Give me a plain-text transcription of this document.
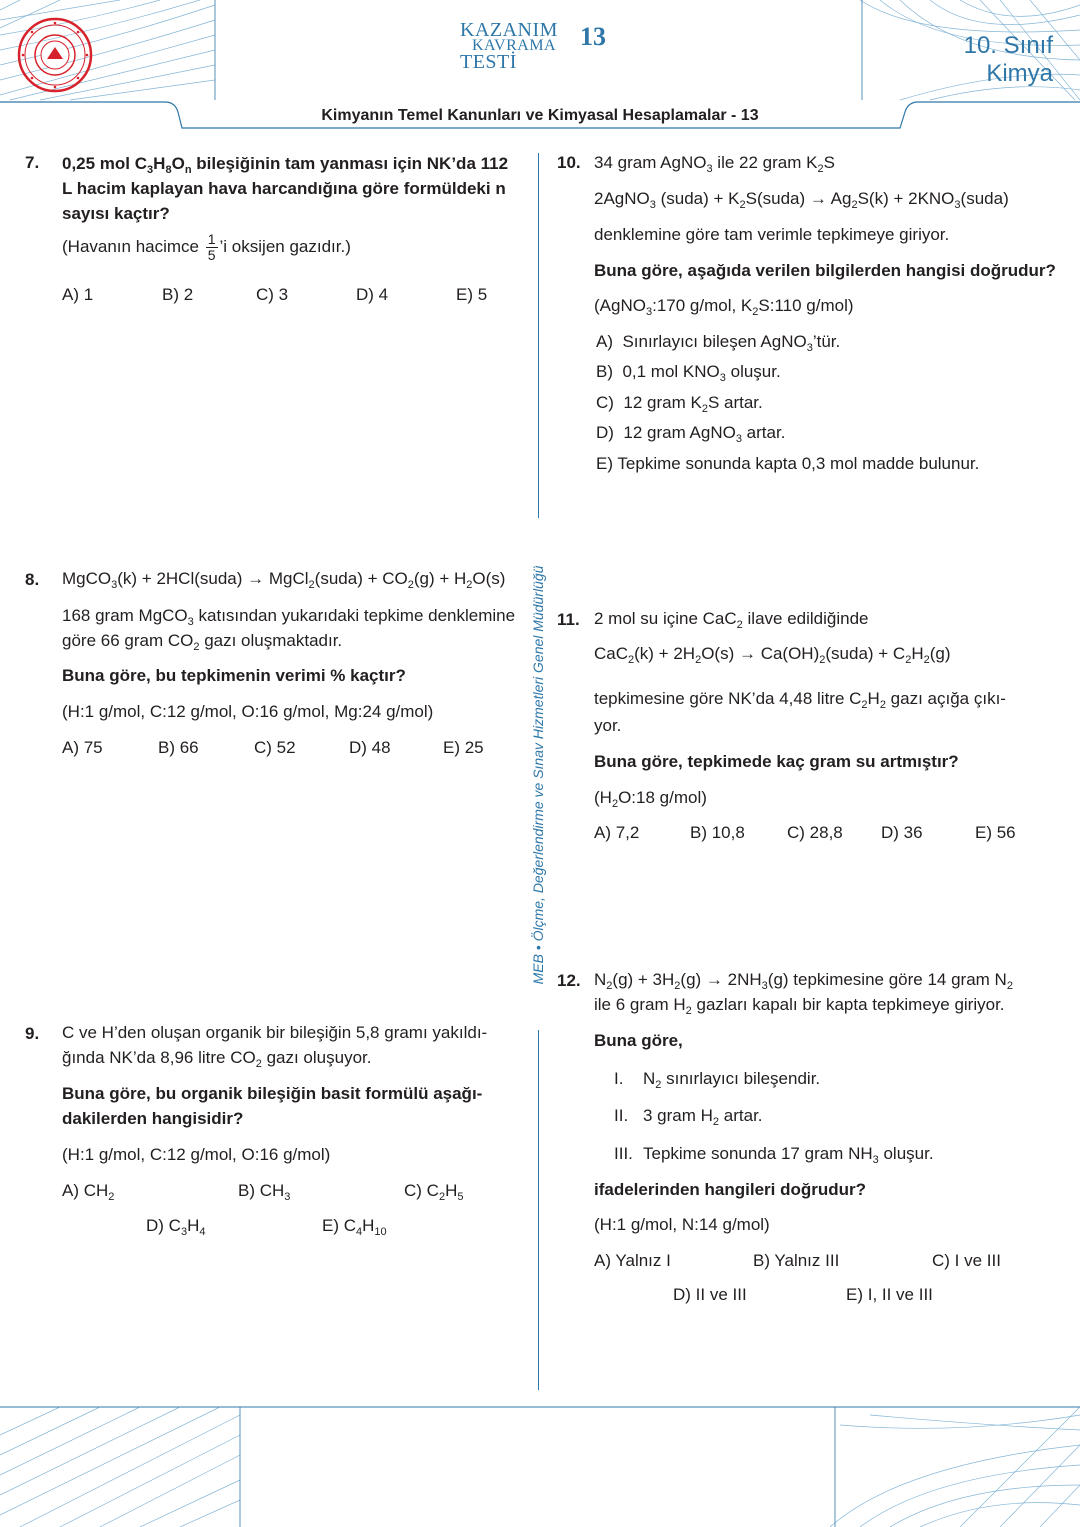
KAZANIM
KAVRAMA
TESTİ
13	10. Sınıf
Kimya
Kimyanın Temel Kanunları ve Kimyasal Hesaplamalar - 13
MEB • Ölçme, Değerlendirme ve Sınav Hizmetleri Genel Müdürlüğü
7. 0,25 mol $C_3H_8O_n$ bileşiğinin tam yanması için NK’da 112 L hacim kaplayan hava harcandığına göre formüldeki n sayısı kaçtır?
(Havanın hacimce $\frac{1}{5}$ ’i oksijen gazıdır.)
A) 1	B) 2	C) 3	D) 4	E) 5
8. MgCO$_3$(k) + 2HCl(suda) → MgCl$_2$(suda) + $CO_2(g) + H_2O(s)$
168 gram MgCO$_3$ katısından yukarıdaki tepkime denklemine göre 66 gram $CO_2$ gazı oluşmaktadır.
Buna göre, bu tepkimenin verimi % kaçtır?
(H:1 g/mol, C:12 g/mol, O:16 g/mol, Mg:24 g/mol)
A) 75	B) 66	C) 52	D) 48	E) 25
9. C ve H’den oluşan organik bir bileşiğin 5,8 gramı yakıldı-
ğında NK’da 8,96 litre $CO_2$ gazı oluşuyor.
Buna göre, bu organik bileşiğin basit formülü aşağı-
dakilerden hangisidir?
(H:1 g/mol, C:12 g/mol, O:16 g/mol)
A) $CH_2$	B) $CH_3$	C) $C_2H_5$
D) $C_3H_4$	E) $C_4H_{10}$
10. 34 gram AgNO$_3$ ile 22 gram $K_2S$
2AgNO$_3$ (suda) + $K_2S(suda) \to Ag_2S(k)$ + $2KNO_3(suda)$
denklemine göre tam verimle tepkimeye giriyor.
Buna göre, aşağıda verilen bilgilerden hangisi doğrudur?
(AgNO$_3$:170 g/mol, $K_2S:110$ g/mol)
A)  Sınırlayıcı bileşen AgNO$_3$’tür.
B)  0,1 mol $KNO_3$ oluşur.
C)  12 gram $K_2S$ artar.
D)  12 gram AgNO$_3$ artar.
E) Tepkime sonunda kapta 0,3 mol madde bulunur.
11. 2 mol su içine CaC$_2$ ilave edildiğinde
$CaC_2(k) + 2H_2O(s)$ → $Ca(OH)_2(suda) + C_2H_2(g)$
tepkimesine göre NK’da 4,48 litre $C_2H_2$ gazı açığa çıkı-
yor.
Buna göre, tepkimede kaç gram su artmıştır?
($H_2O:18$ g/mol)
A) 7,2	B) 10,8 C) 28,8 D) 36	E) 56
12. $N_2(g) + 3H_2(g) \to 2NH_3(g)$ tepkimesine göre 14 gram $N_2$
ile 6 gram $H_2$ gazları kapalı bir kapta tepkimeye giriyor.
Buna göre,
I. $N_2$ sınırlayıcı bileşendir.
II. 3 gram $H_2$ artar.
III. Tepkime sonunda 17 gram $NH_3$ oluşur.
ifadelerinden hangileri doğrudur?
(H:1 g/mol, N:14 g/mol)
A) Yalnız I	B) Yalnız III	C) I ve III
D) II ve III	E) I, II ve III
